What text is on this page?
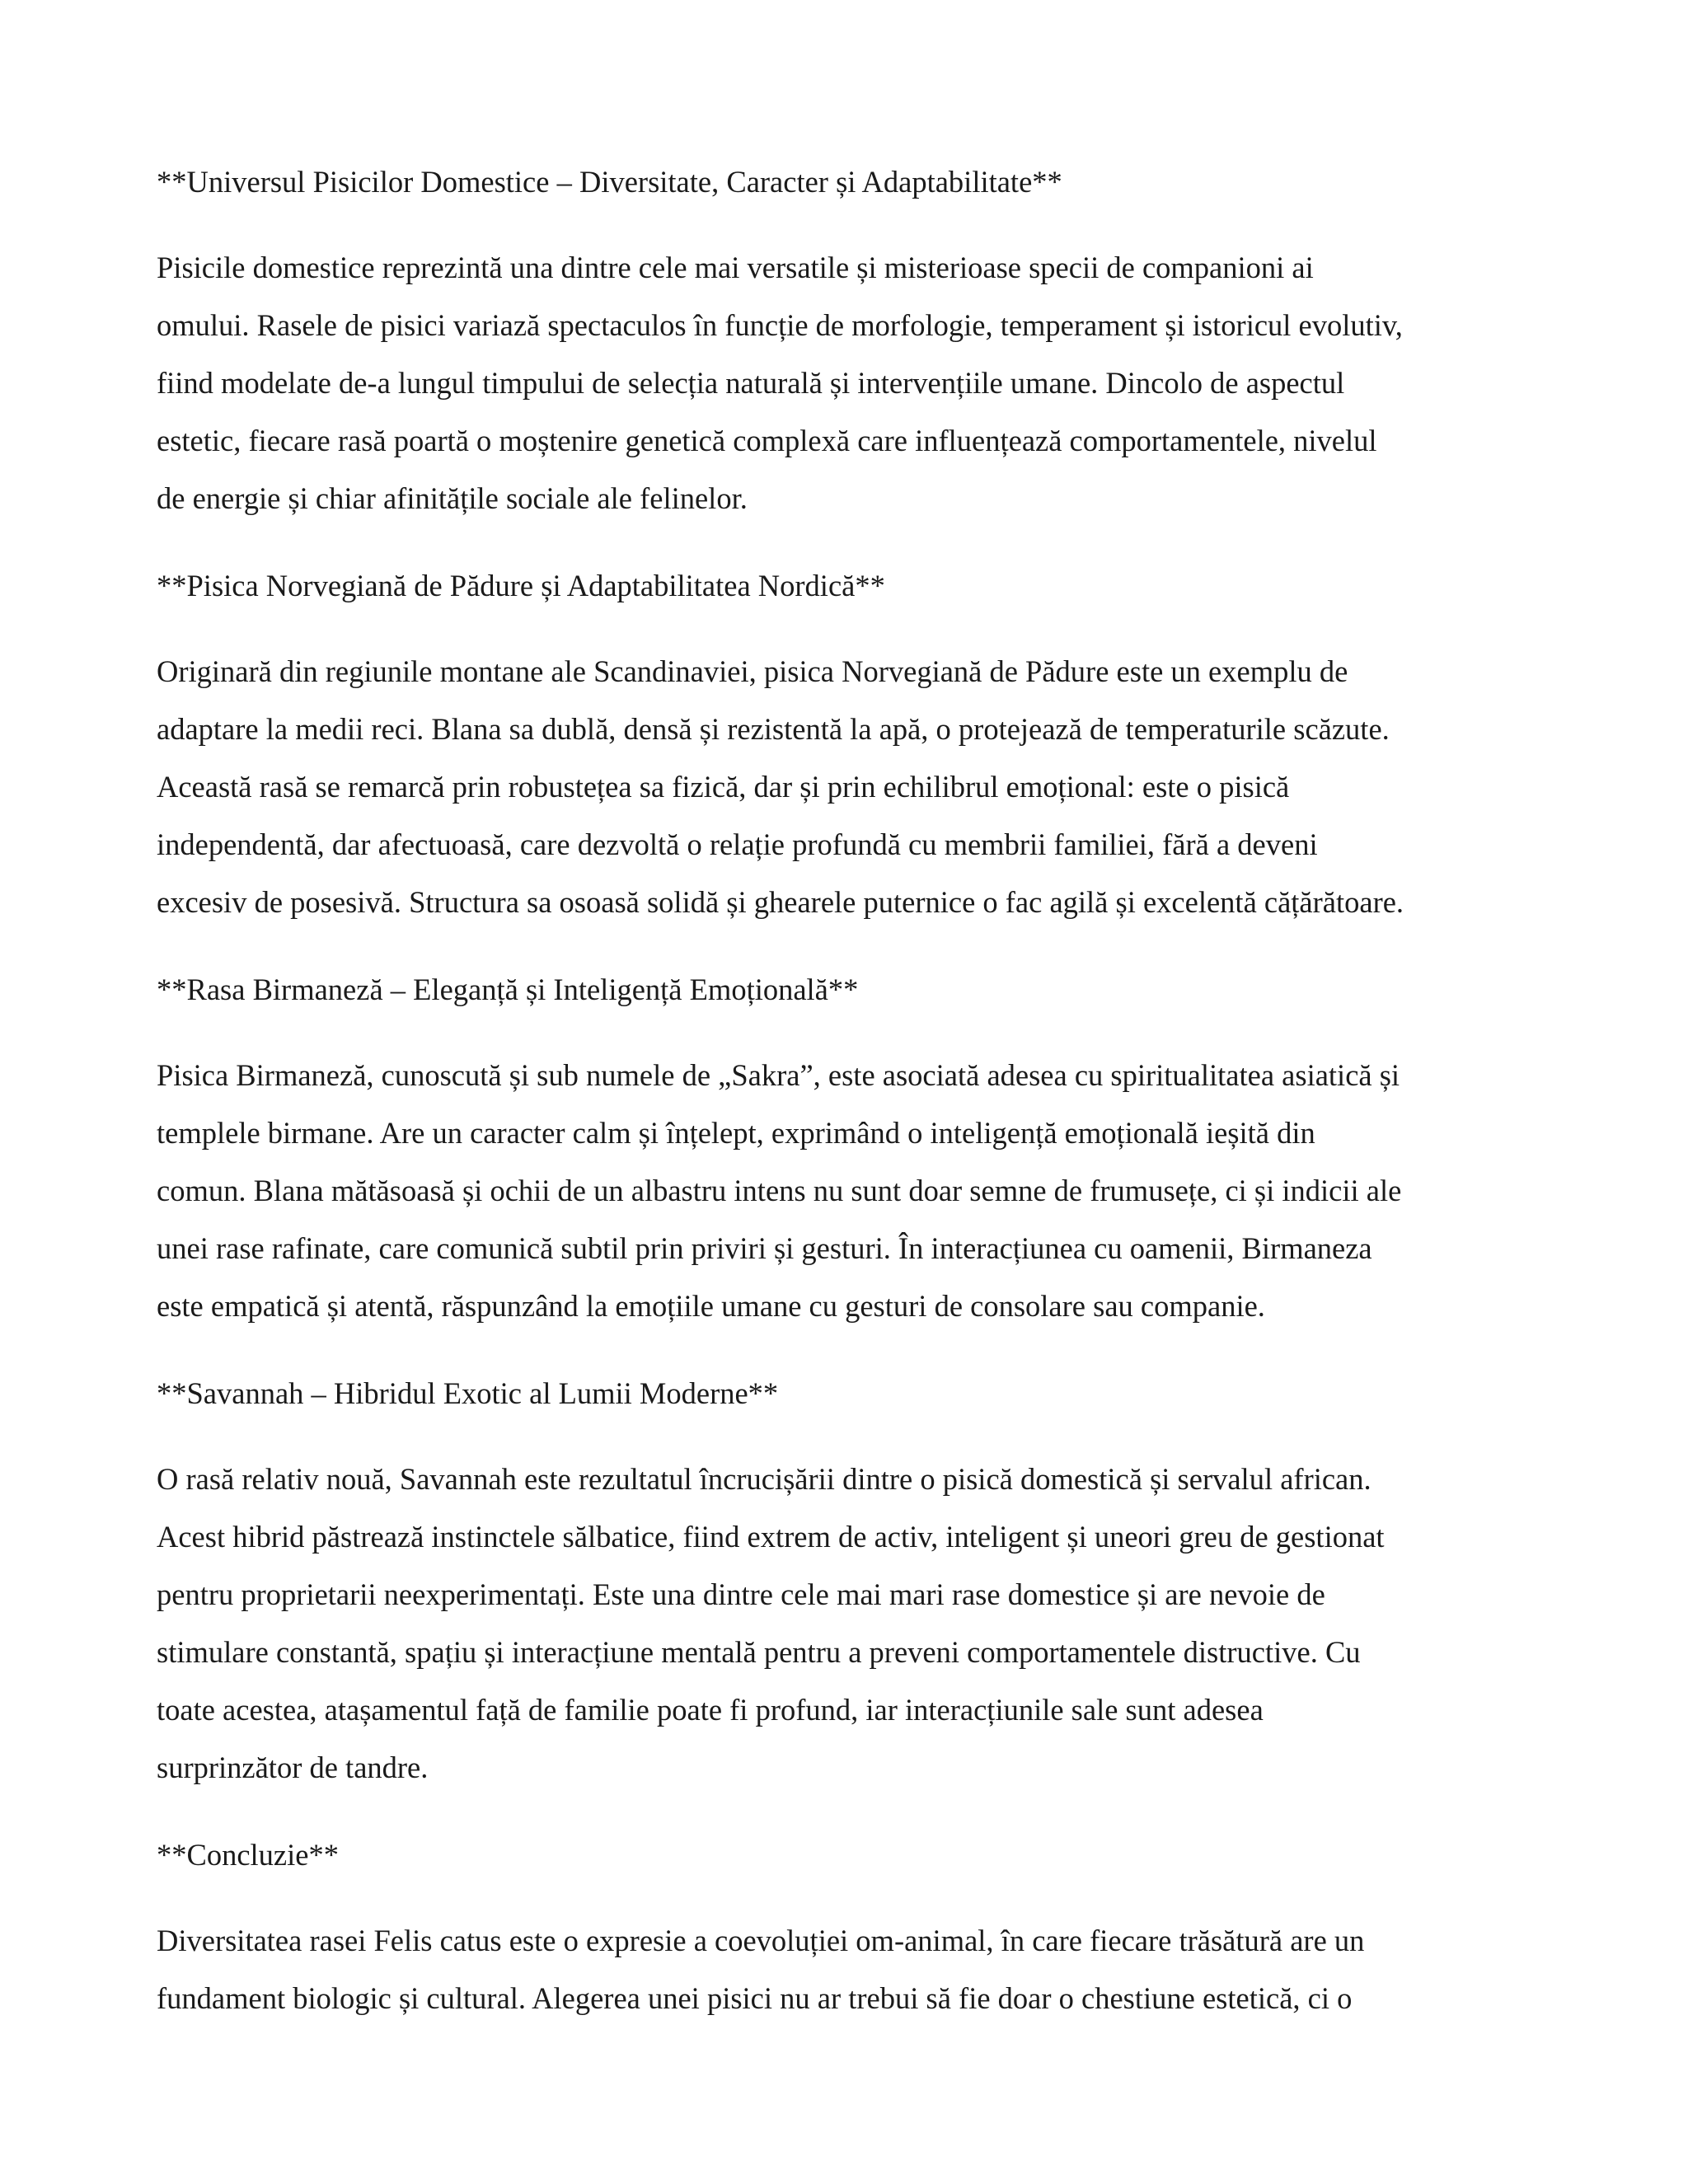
**Universul Pisicilor Domestice – Diversitate, Caracter și Adaptabilitate**

Pisicile domestice reprezintă una dintre cele mai versatile și misterioase specii de companioni ai
omului. Rasele de pisici variază spectaculos în funcție de morfologie, temperament și istoricul evolutiv,
fiind modelate de-a lungul timpului de selecția naturală și intervențiile umane. Dincolo de aspectul
estetic, fiecare rasă poartă o moștenire genetică complexă care influențează comportamentele, nivelul
de energie și chiar afinitățile sociale ale felinelor.

**Pisica Norvegiană de Pădure și Adaptabilitatea Nordică**

Originară din regiunile montane ale Scandinaviei, pisica Norvegiană de Pădure este un exemplu de
adaptare la medii reci. Blana sa dublă, densă și rezistentă la apă, o protejează de temperaturile scăzute.
Această rasă se remarcă prin robustețea sa fizică, dar și prin echilibrul emoțional: este o pisică
independentă, dar afectuoasă, care dezvoltă o relație profundă cu membrii familiei, fără a deveni
excesiv de posesivă. Structura sa osoasă solidă și ghearele puternice o fac agilă și excelentă cățărătoare.

**Rasa Birmaneză – Eleganță și Inteligență Emoțională**

Pisica Birmaneză, cunoscută și sub numele de „Sakra”, este asociată adesea cu spiritualitatea asiatică și
templele birmane. Are un caracter calm și înțelept, exprimând o inteligență emoțională ieșită din
comun. Blana mătăsoasă și ochii de un albastru intens nu sunt doar semne de frumusețe, ci și indicii ale
unei rase rafinate, care comunică subtil prin priviri și gesturi. În interacțiunea cu oamenii, Birmaneza
este empatică și atentă, răspunzând la emoțiile umane cu gesturi de consolare sau companie.

**Savannah – Hibridul Exotic al Lumii Moderne**

O rasă relativ nouă, Savannah este rezultatul încrucișării dintre o pisică domestică și servalul african.
Acest hibrid păstrează instinctele sălbatice, fiind extrem de activ, inteligent și uneori greu de gestionat
pentru proprietarii neexperimentați. Este una dintre cele mai mari rase domestice și are nevoie de
stimulare constantă, spațiu și interacțiune mentală pentru a preveni comportamentele distructive. Cu
toate acestea, atașamentul față de familie poate fi profund, iar interacțiunile sale sunt adesea
surprinzător de tandre.

**Concluzie**

Diversitatea rasei Felis catus este o expresie a coevoluției om-animal, în care fiecare trăsătură are un
fundament biologic și cultural. Alegerea unei pisici nu ar trebui să fie doar o chestiune estetică, ci o
